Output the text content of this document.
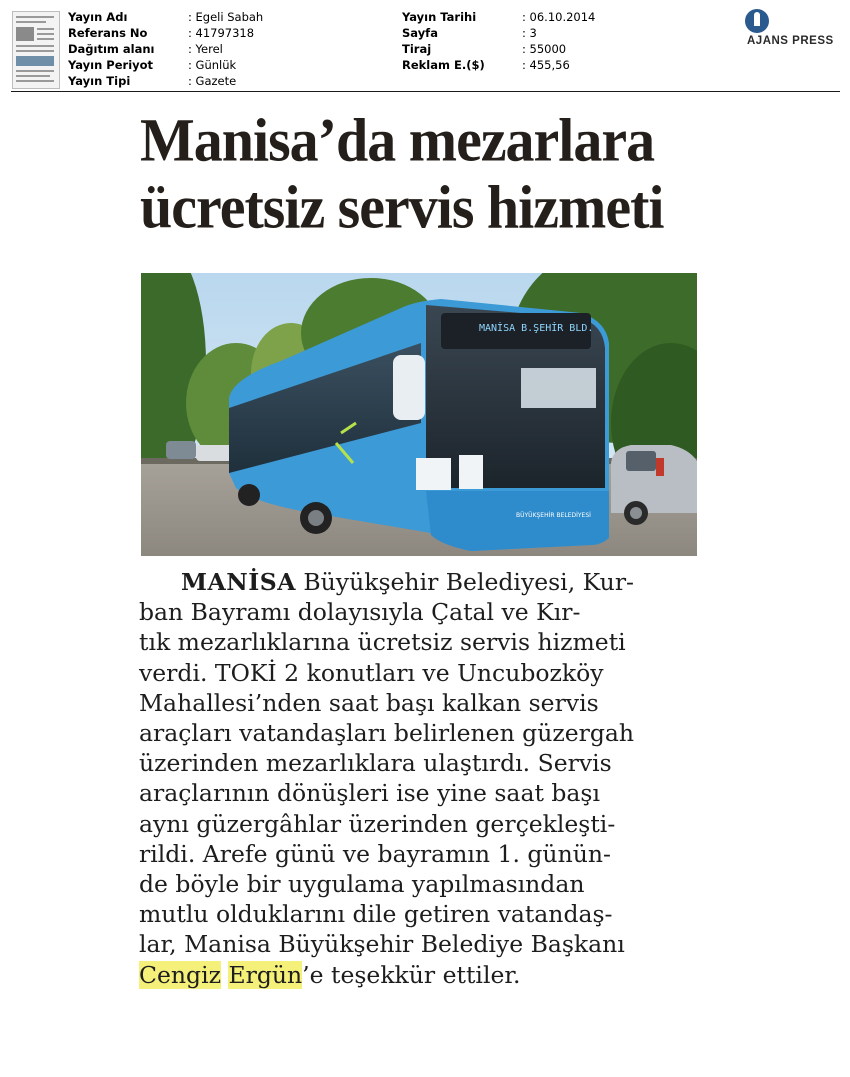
Yayın Adı	: Egeli Sabah
Referans No	: 41797318
Dağıtım alanı	: Yerel
Yayın Periyot	: Günlük
Yayın Tipi	: Gazete
Yayın Tarihi	: 06.10.2014
Sayfa	: 3
Tiraj	: 55000
Reklam E.($)	: 455,56
AJANS PRESS
Manisa’da mezarlara
ücretsiz servis hizmeti
MANİSA B.ŞEHİR BLD.
BÜYÜKŞEHİR BELEDİYESİ
MANİSA Büyükşehir Belediyesi, Kur-
ban Bayramı dolayısıyla Çatal ve Kır-
tık mezarlıklarına ücretsiz servis hizmeti
verdi. TOKİ 2 konutları ve Uncubozköy
Mahallesi’nden saat başı kalkan servis
araçları vatandaşları belirlenen güzergah
üzerinden mezarlıklara ulaştırdı. Servis
araçlarının dönüşleri ise yine saat başı
aynı güzergâhlar üzerinden gerçekleşti-
rildi. Arefe günü ve bayramın 1. günün-
de böyle bir uygulama yapılmasından
mutlu olduklarını dile getiren vatandaş-
lar, Manisa Büyükşehir Belediye Başkanı
Cengiz Ergün’e teşekkür ettiler.
